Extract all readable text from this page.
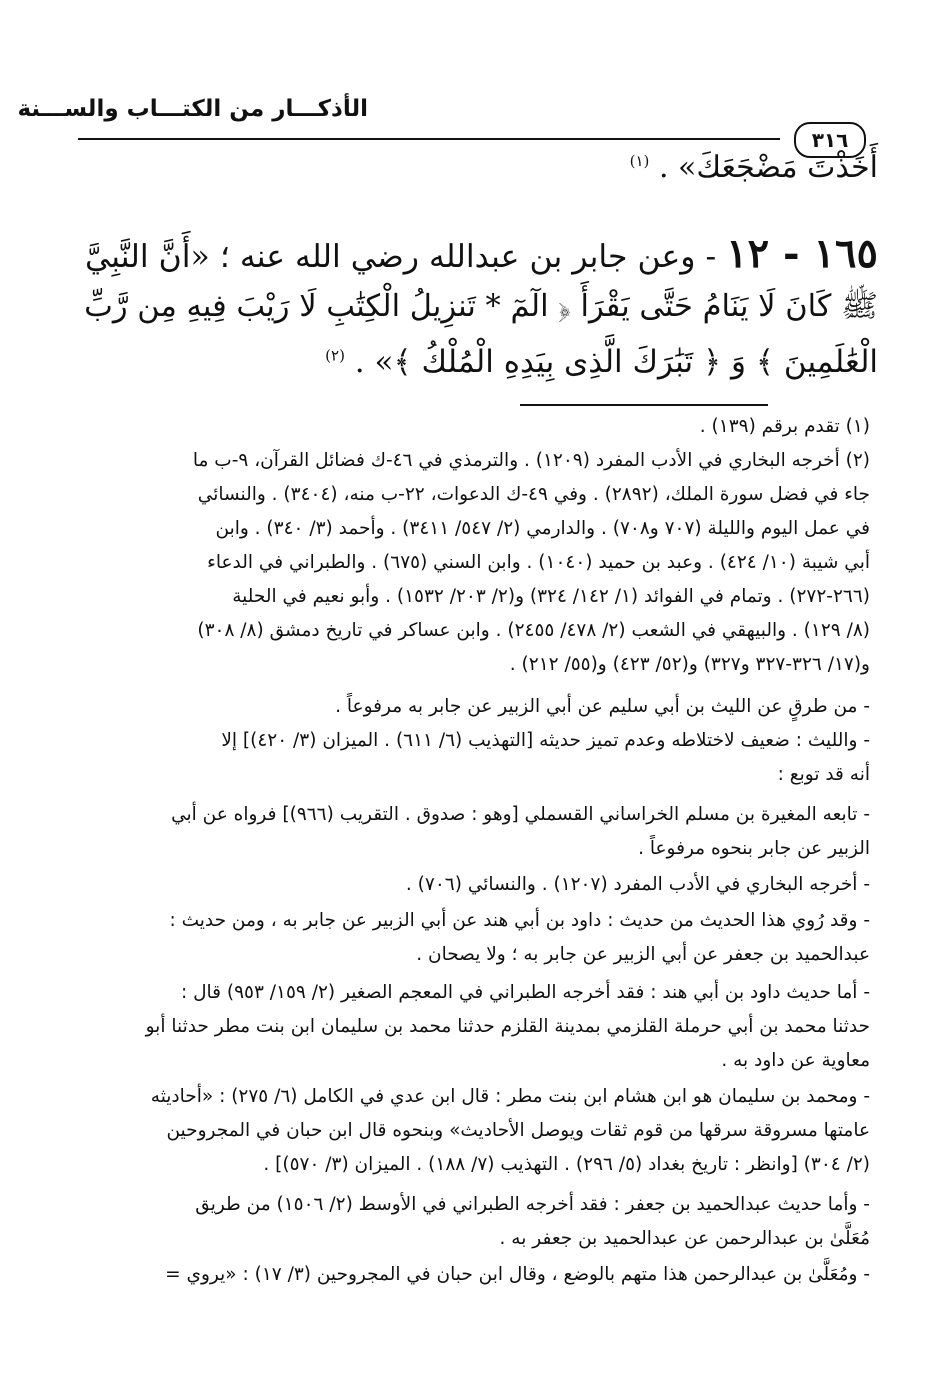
الأذكـــار من الكتـــاب والســـنة
٣١٦
أَخَذْتَ مَضْجَعَكَ» . $^{(١)}$
١٦٥ - ١٢ - وعن جابر بن عبدالله رضي الله عنه ؛ «أَنَّ النَّبِيَّ
ﷺ كَانَ لَا يَنَامُ حَتَّى يَقْرَأَ ﴿ الٓمٓ * تَنزِيلُ الْكِتَٰبِ لَا رَيْبَ فِيهِ مِن رَّبِّ
الْعَٰلَمِينَ ﴾ وَ ﴿ تَبَٰرَكَ الَّذِى بِيَدِهِ الْمُلْكُ ﴾» . $^{(٢)}$
(١) تقدم برقم (١٣٩) .
(٢) أخرجه البخاري في الأدب المفرد (١٢٠٩) . والترمذي في ٤٦-ك فضائل القرآن، ٩-ب ما
جاء في فضل سورة الملك، (٢٨٩٢) . وفي ٤٩-ك الدعوات، ٢٢-ب منه، (٣٤٠٤) . والنسائي
في عمل اليوم والليلة (٧٠٧ و٧٠٨) . والدارمي (٢/ ٥٤٧/ ٣٤١١) . وأحمد (٣/ ٣٤٠) . وابن
أبي شيبة (١٠/ ٤٢٤) . وعبد بن حميد (١٠٤٠) . وابن السني (٦٧٥) . والطبراني في الدعاء
(٢٦٦-٢٧٢) . وتمام في الفوائد (١/ ١٤٢/ ٣٢٤) و(٢/ ٢٠٣/ ١٥٣٢) . وأبو نعيم في الحلية
(٨/ ١٢٩) . والبيهقي في الشعب (٢/ ٤٧٨/ ٢٤٥٥) . وابن عساكر في تاريخ دمشق (٨/ ٣٠٨)
و(١٧/ ٣٢٦-٣٢٧ و٣٢٧) و(٥٢/ ٤٢٣) و(٥٥/ ٢١٢) .
- من طرقٍ عن الليث بن أبي سليم عن أبي الزبير عن جابر به مرفوعاً .
- والليث : ضعيف لاختلاطه وعدم تميز حديثه [التهذيب (٦/ ٦١١) . الميزان (٣/ ٤٢٠)] إلا
أنه قد توبع :
- تابعه المغيرة بن مسلم الخراساني القسملي [وهو : صدوق . التقريب (٩٦٦)] فرواه عن أبي
الزبير عن جابر بنحوه مرفوعاً .
- أخرجه البخاري في الأدب المفرد (١٢٠٧) . والنسائي (٧٠٦) .
- وقد رُوي هذا الحديث من حديث : داود بن أبي هند عن أبي الزبير عن جابر به ، ومن حديث :
عبدالحميد بن جعفر عن أبي الزبير عن جابر به ؛ ولا يصحان .
- أما حديث داود بن أبي هند : فقد أخرجه الطبراني في المعجم الصغير (٢/ ١٥٩/ ٩٥٣) قال :
حدثنا محمد بن أبي حرملة القلزمي بمدينة القلزم حدثنا محمد بن سليمان ابن بنت مطر حدثنا أبو
معاوية عن داود به .
- ومحمد بن سليمان هو ابن هشام ابن بنت مطر : قال ابن عدي في الكامل (٦/ ٢٧٥) : «أحاديثه
عامتها مسروقة سرقها من قوم ثقات ويوصل الأحاديث» وبنحوه قال ابن حبان في المجروحين
(٢/ ٣٠٤) [وانظر : تاريخ بغداد (٥/ ٢٩٦) . التهذيب (٧/ ١٨٨) . الميزان (٣/ ٥٧٠)] .
- وأما حديث عبدالحميد بن جعفر : فقد أخرجه الطبراني في الأوسط (٢/ ١٥٠٦) من طريق
مُعَلَّىٰ بن عبدالرحمن عن عبدالحميد بن جعفر به .
- ومُعَلَّىٰ بن عبدالرحمن هذا متهم بالوضع ، وقال ابن حبان في المجروحين (٣/ ١٧) : «يروي =
